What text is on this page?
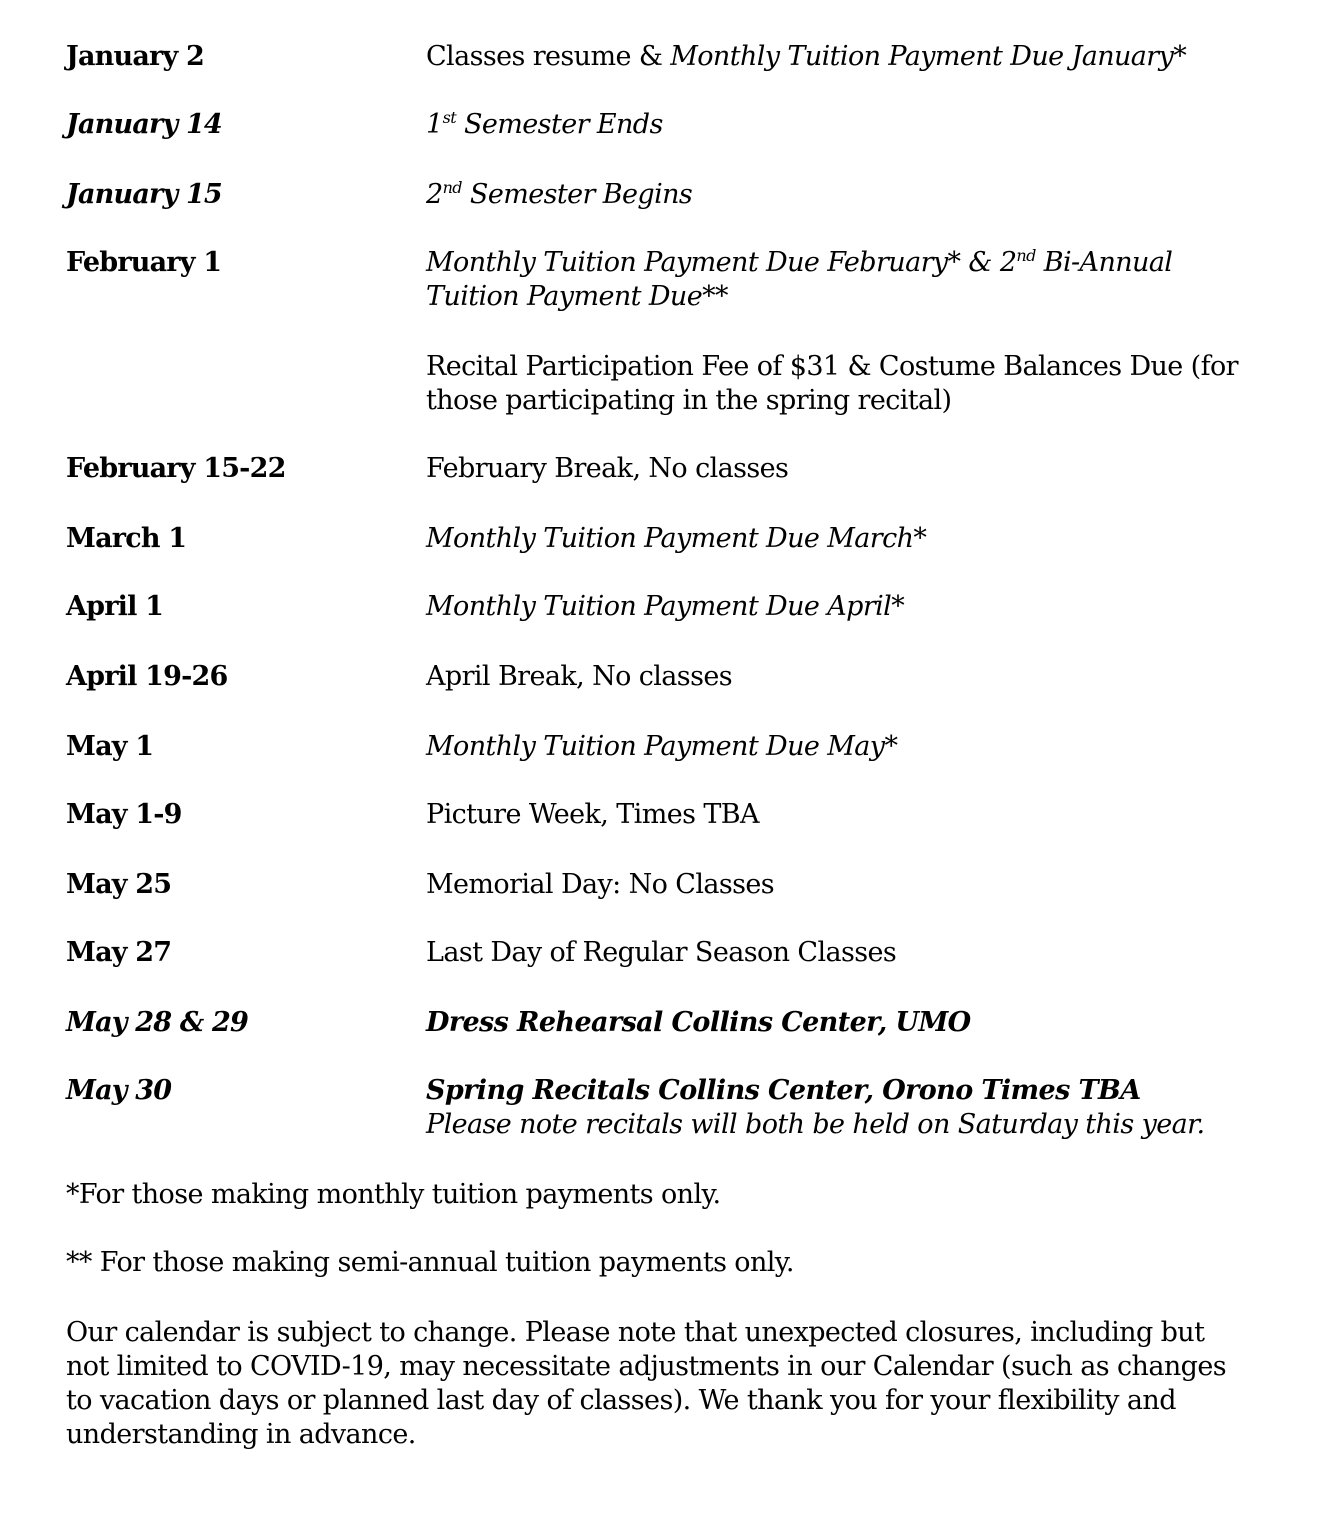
January 2	Classes resume & Monthly Tuition Payment Due January*
January 14	1st Semester Ends
January 15	2nd Semester Begins
February 1	Monthly Tuition Payment Due February* & 2nd Bi-Annual Tuition Payment Due**
Recital Participation Fee of $31 & Costume Balances Due (for those participating in the spring recital)
February 15-22	February Break, No classes
March 1	Monthly Tuition Payment Due March*
April 1	Monthly Tuition Payment Due April*
April 19-26	April Break, No classes
May 1	Monthly Tuition Payment Due May*
May 1-9	Picture Week, Times TBA
May 25	Memorial Day: No Classes
May 27	Last Day of Regular Season Classes
May 28 & 29	Dress Rehearsal Collins Center, UMO
May 30	Spring Recitals Collins Center, Orono Times TBA
Please note recitals will both be held on Saturday this year.
*For those making monthly tuition payments only.
** For those making semi-annual tuition payments only.
Our calendar is subject to change. Please note that unexpected closures, including but not limited to COVID-19, may necessitate adjustments in our Calendar (such as changes to vacation days or planned last day of classes). We thank you for your flexibility and understanding in advance.
